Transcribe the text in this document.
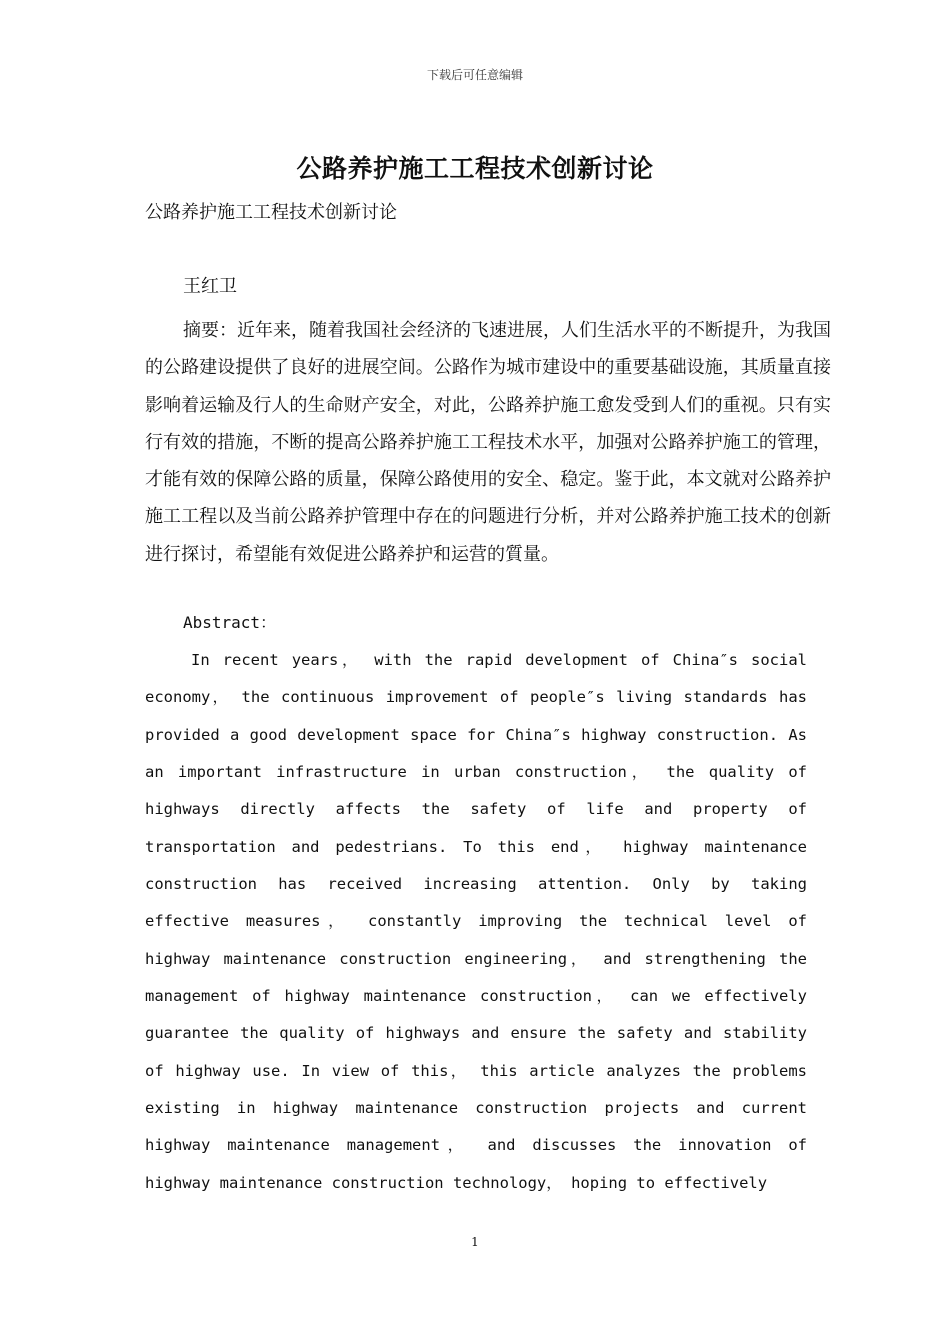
下载后可任意编辑
公路养护施工工程技术创新讨论
公路养护施工工程技术创新讨论
王红卫

摘要：近年来，随着我国社会经济的飞速进展，人们生活水平的不断提升，为我国的公路建设提供了良好的进展空间。公路作为城市建设中的重要基础设施，其质量直接影响着运输及行人的生命财产安全，对此，公路养护施工愈发受到人们的重视。只有实行有效的措施，不断的提高公路养护施工工程技术水平，加强对公路养护施工的管理，才能有效的保障公路的质量，保障公路使用的安全、稳定。鉴于此，本文就对公路养护施工工程以及当前公路养护管理中存在的问题进行分析，并对公路养护施工技术的创新进行探讨，希望能有效促进公路养护和运营的質量。

Abstract：

In recent years， with the rapid development of China″s social economy， the continuous improvement of people″s living standards has provided a good development space for China″s highway construction. As an important infrastructure in urban construction， the quality of highways directly affects the safety of life and property of transportation and pedestrians. To this end， highway maintenance construction has received increasing attention. Only by taking effective measures， constantly improving the technical level of highway maintenance construction engineering， and strengthening the management of highway maintenance construction， can we effectively guarantee the quality of highways and ensure the safety and stability of highway use. In view of this， this article analyzes the problems existing in highway maintenance construction projects and current highway maintenance management， and discusses the innovation of highway maintenance construction technology， hoping to effectively

1
